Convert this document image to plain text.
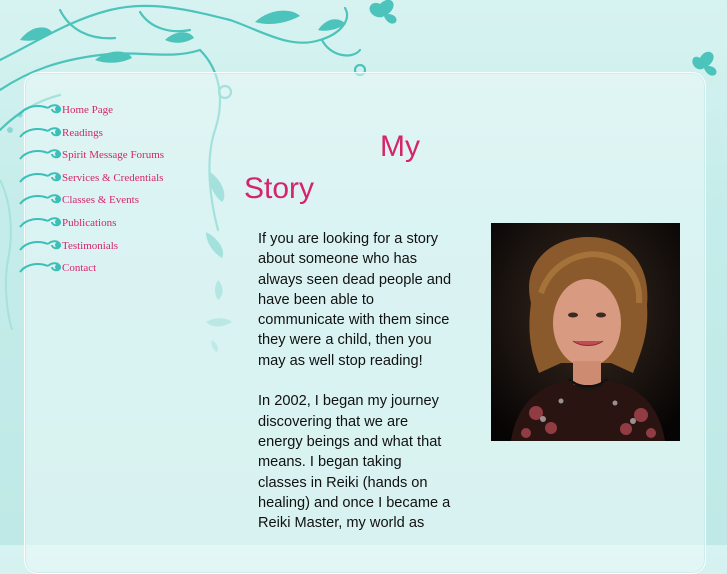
Home Page
Readings
Spirit Message Forums
Services & Credentials
Classes & Events
Publications
Testimonials
Contact
My
Story

If you are looking for a story about someone who has always seen dead people and have been able to communicate with them since they were a child, then you may as well stop reading!

In 2002, I began my journey discovering that we are energy beings and what that means. I began taking classes in Reiki (hands on healing) and once I became a Reiki Master, my world as
